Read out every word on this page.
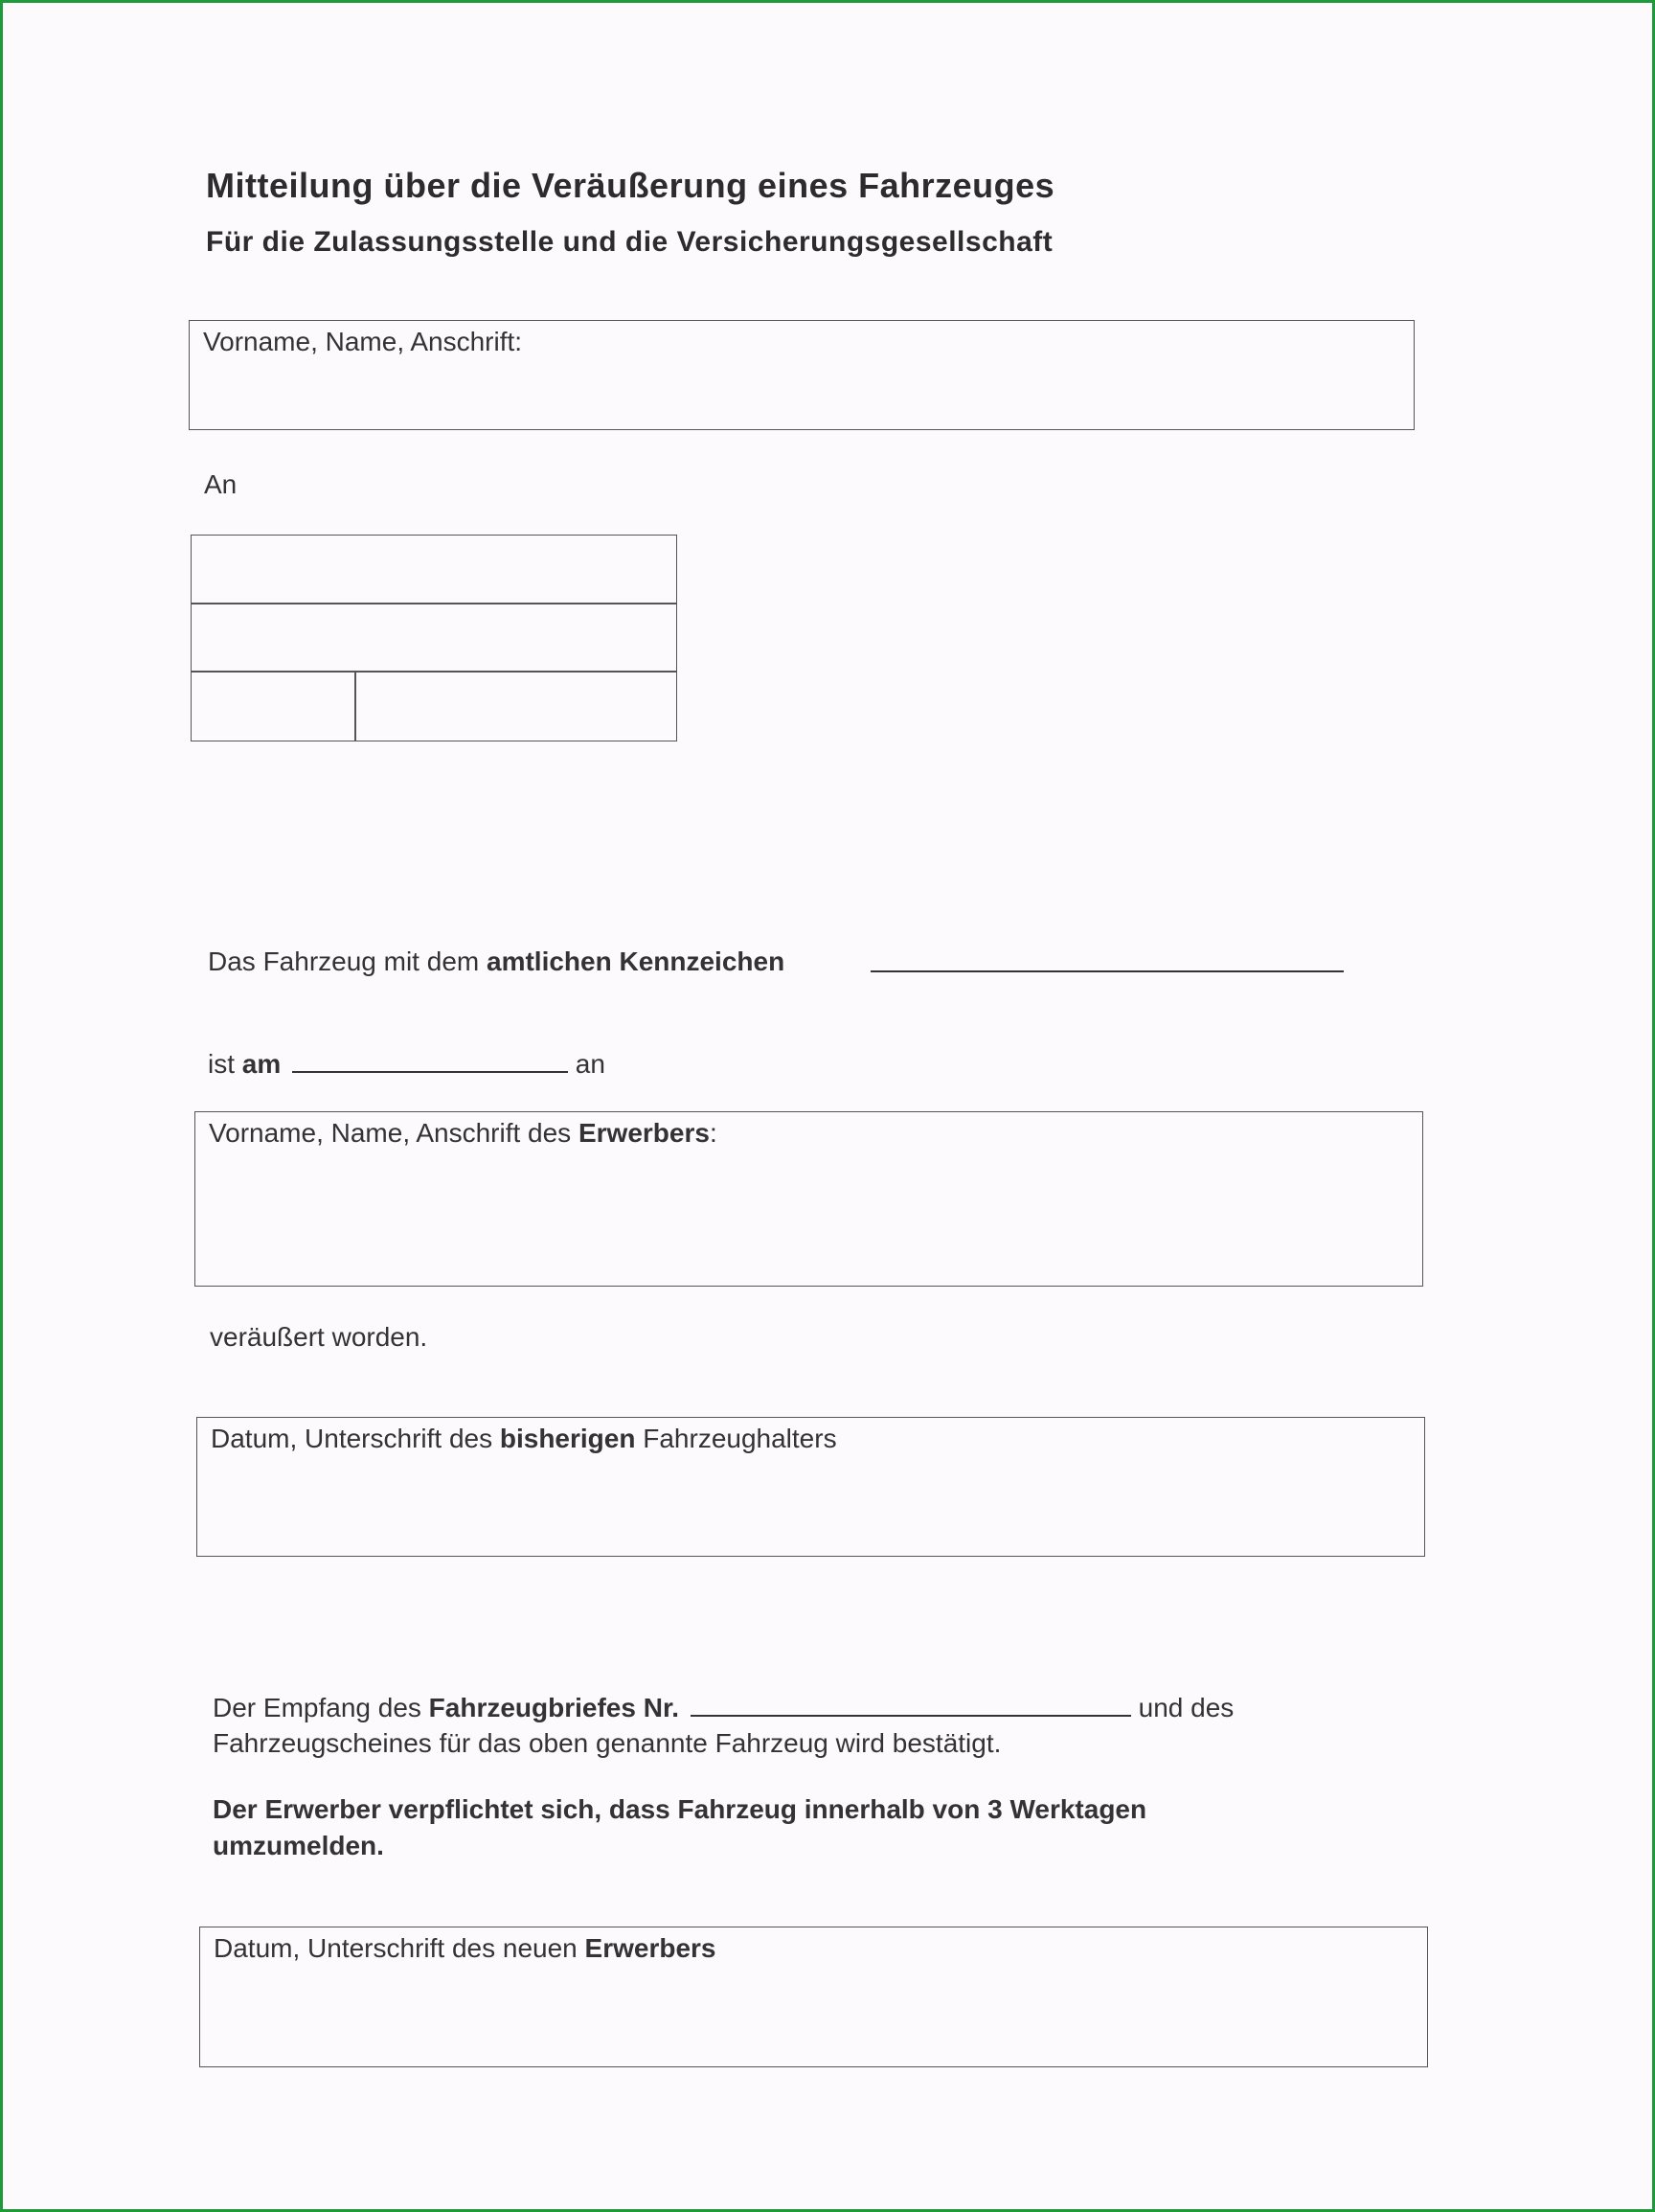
Mitteilung über die Veräußerung eines Fahrzeuges
Für die Zulassungsstelle und die Versicherungsgesellschaft
Vorname, Name, Anschrift:
An
Das Fahrzeug mit dem amtlichen Kennzeichen
ist am	an
Vorname, Name, Anschrift des Erwerbers:
veräußert worden.
Datum, Unterschrift des bisherigen Fahrzeughalters
Der Empfang des Fahrzeugbriefes Nr.	und des
Fahrzeugscheines für das oben genannte Fahrzeug wird bestätigt.
Der Erwerber verpflichtet sich, dass Fahrzeug innerhalb von 3 Werktagen
umzumelden.
Datum, Unterschrift des neuen Erwerbers
